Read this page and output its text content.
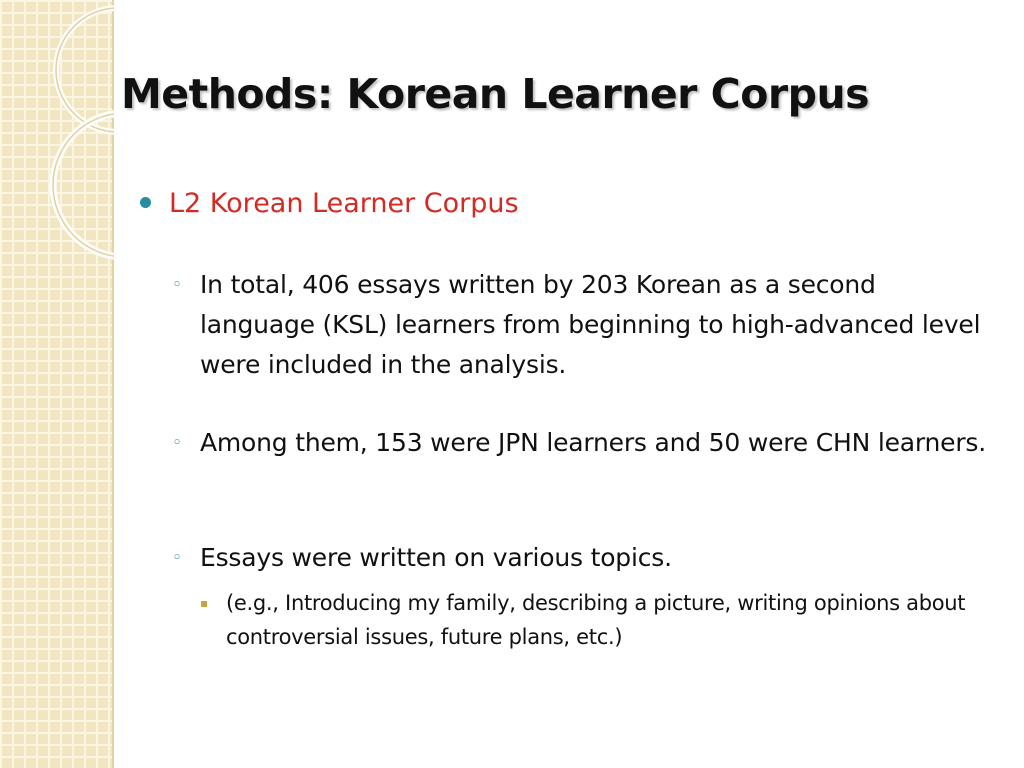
Methods: Korean Learner Corpus
L2 Korean Learner Corpus
◦ In total, 406 essays written by 203 Korean as a second language (KSL) learners from beginning to high-advanced level were included in the analysis.
◦ Among them, 153 were JPN learners and 50 were CHN learners.
◦ Essays were written on various topics.
▪ (e.g., Introducing my family, describing a picture, writing opinions about controversial issues, future plans, etc.)
